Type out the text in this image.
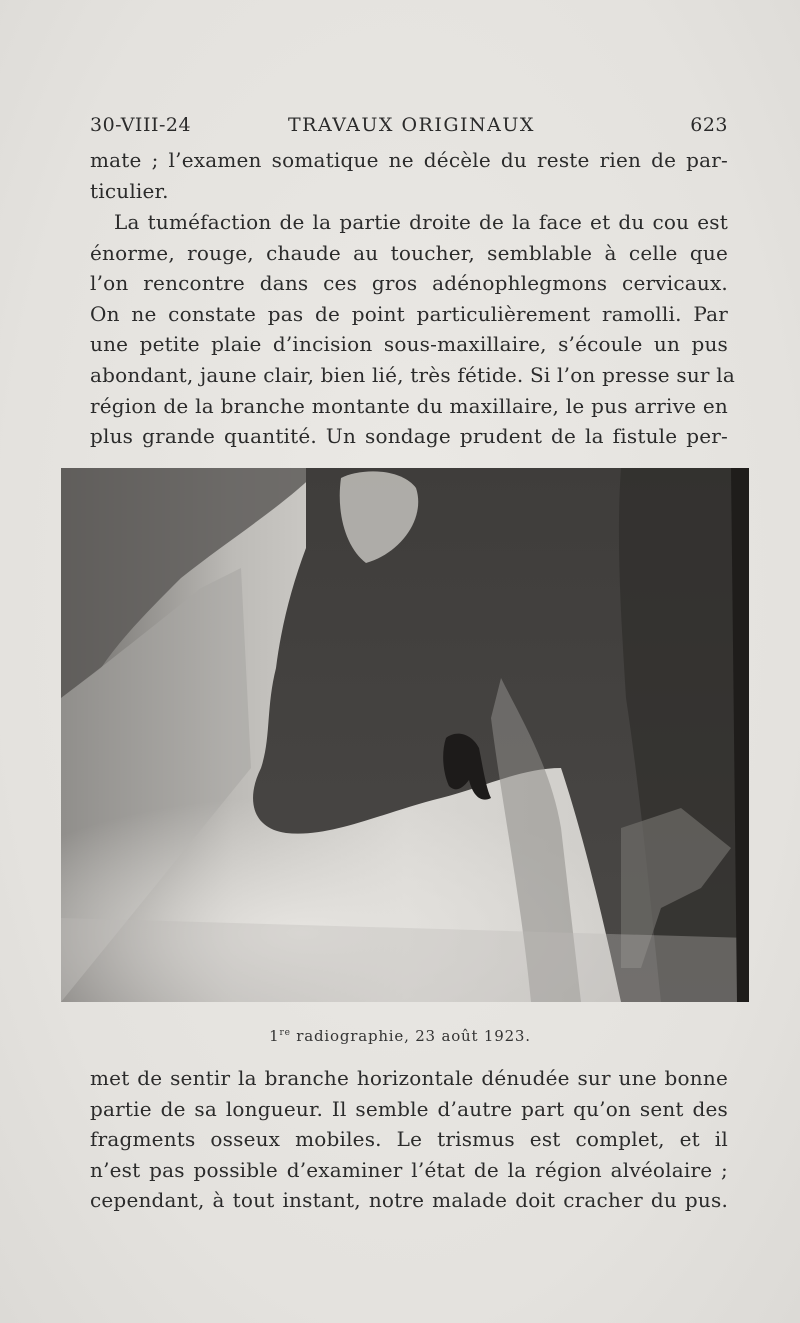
30-VIII-24	TRAVAUX ORIGINAUX	623
mate ; l’examen somatique ne décèle du reste rien de par-
ticulier.
La tuméfaction de la partie droite de la face et du cou est
énorme, rouge, chaude au toucher, semblable à celle que
l’on rencontre dans ces gros adénophlegmons cervicaux.
On ne constate pas de point particulièrement ramolli. Par
une petite plaie d’incision sous-maxillaire, s’écoule un pus
abondant, jaune clair, bien lié, très fétide. Si l’on presse sur la
région de la branche montante du maxillaire, le pus arrive en
plus grande quantité. Un sondage prudent de la fistule per-
1re radiographie, 23 août 1923.
met de sentir la branche horizontale dénudée sur une bonne
partie de sa longueur. Il semble d’autre part qu’on sent des
fragments osseux mobiles. Le trismus est complet, et il
n’est pas possible d’examiner l’état de la région alvéolaire ;
cependant, à tout instant, notre malade doit cracher du pus.
